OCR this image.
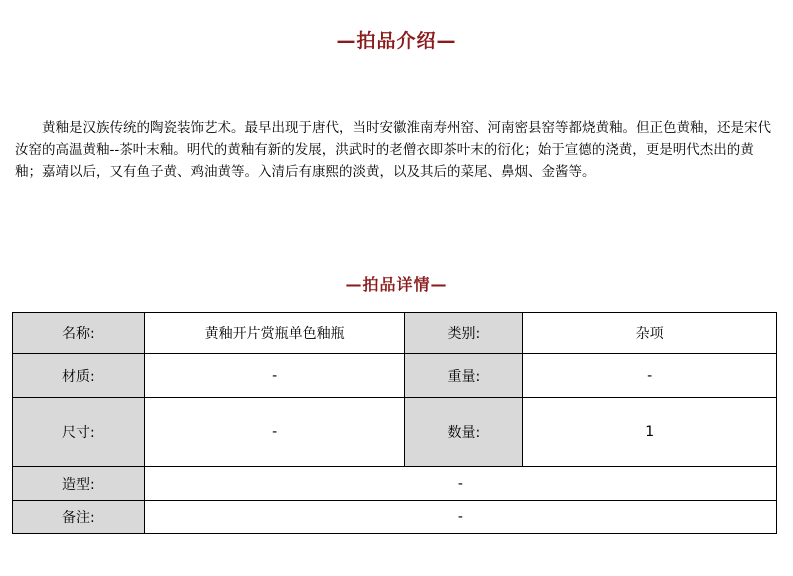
—拍品介绍—

黄釉是汉族传统的陶瓷装饰艺术。最早出现于唐代，当时安徽淮南寿州窑、河南密县窑等都烧黄釉。但正色黄釉，还是宋代汝窑的高温黄釉--茶叶末釉。明代的黄釉有新的发展，洪武时的老僧衣即茶叶末的衍化；始于宣德的浇黄，更是明代杰出的黄釉；嘉靖以后，又有鱼子黄、鸡油黄等。入清后有康熙的淡黄，以及其后的菜尾、鼻烟、金酱等。

—拍品详情—
名称:	黄釉开片赏瓶单色釉瓶	类别:	杂项
材质:	-	重量:	-
尺寸:	-	数量:	1
造型:	-		
备注:	-		
